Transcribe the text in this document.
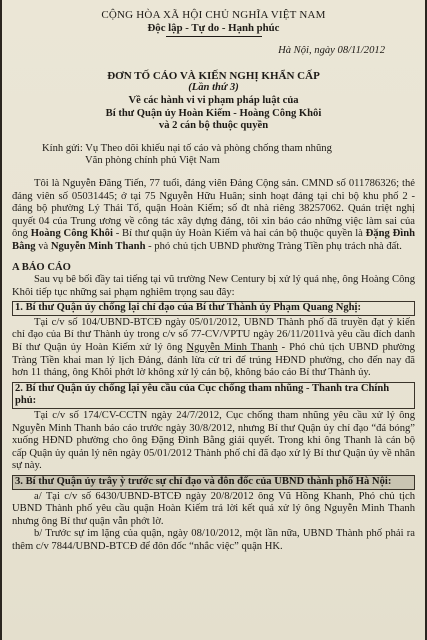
CỘNG HÒA XÃ HỘI CHỦ NGHĨA VIỆT NAM
Độc lập - Tự do - Hạnh phúc
Hà Nội, ngày 08/11/2012
ĐƠN TỐ CÁO VÀ KIẾN NGHỊ KHẨN CẤP
(Lần thứ 3)
Về các hành vi vi phạm pháp luật của
Bí thư Quận ủy Hoàn Kiếm - Hoàng Công Khôi
và 2 cán bộ thuộc quyền
Kính gửi: Vụ Theo dõi khiếu nại tố cáo và phòng chống tham nhũng
Văn phòng chính phủ Việt Nam

Tôi là Nguyễn Đăng Tiến, 77 tuổi, đảng viên Đảng Cộng sản. CMND số 011786326; thẻ đảng viên số 05031445; ở tại 75 Nguyễn Hữu Huân; sinh hoạt đảng tại chi bộ khu phố 2 - đảng bộ phường Lý Thái Tổ, quận Hoàn Kiếm; số đt nhà riêng 38257062. Quán triệt nghị quyết 04 của Trung ương về công tác xây dựng đảng, tôi xin báo cáo những việc làm sai của ông Hoàng Công Khôi - Bí thư quận ủy Hoàn Kiếm và hai cán bộ thuộc quyền là Đặng Đình Bằng và Nguyễn Minh Thanh - phó chủ tịch UBND phường Tràng Tiền phụ trách nhà đất.

A BÁO CÁO

Sau vụ bê bối đầy tai tiếng tại vũ trường New Century bị xử lý quá nhẹ, ông Hoàng Công Khôi tiếp tục những sai phạm nghiêm trọng sau đây:

1. Bí thư Quận ủy chống lại chỉ đạo của Bí thư Thành ủy Phạm Quang Nghị:

Tại c/v số 104/UBND-BTCĐ ngày 05/01/2012, UBND Thành phố đã truyền đạt ý kiến chỉ đạo của Bí thư Thành ủy trong c/v số 77-CV/VPTU ngày 26/11/2011và yêu cầu đích danh Bí thư Quận ủy Hoàn Kiếm xử lý ông Nguyễn Minh Thanh - Phó chủ tịch UBND phường Tràng Tiền khai man lý lịch Đảng, đánh lừa cử tri để trúng HĐND phường, cho đến nay đã hơn 11 tháng, ông Khôi phớt lờ không xử lý cán bộ, không báo cáo Bí thư Thành ủy.

2. Bí thư Quận ủy chống lại yêu cầu của Cục chống tham nhũng - Thanh tra Chính phủ:

Tại c/v số 174/CV-CCTN ngày 24/7/2012, Cục chống tham nhũng yêu cầu xử lý ông Nguyễn Minh Thanh báo cáo trước ngày 30/8/2012, nhưng Bí thư Quận ủy chỉ đạo “đá bóng” xuống HĐND phường cho ông Đặng Đình Bằng giải quyết. Trong khi ông Thanh là cán bộ cấp Quận ủy quản lý nên ngày 05/01/2012 Thành phố chỉ đã đạo xử lý Bí thư Quận ủy về nhân sự này.

3. Bí thư Quận ủy trây ỳ trước sự chỉ đạo và đôn đốc của UBND thành phố Hà Nội:

a/ Tại c/v số 6430/UBND-BTCĐ ngày 20/8/2012 ông Vũ Hồng Khanh, Phó chủ tịch UBND Thành phố yêu cầu quận Hoàn Kiếm trả lời kết quả xử lý ông Nguyễn Minh Thanh nhưng ông Bí thư quận vẫn phớt lờ.

b/ Trước sự im lặng của quận, ngày 08/10/2012, một lần nữa, UBND Thành phố phải ra thêm c/v 7844/UBND-BTCĐ để đôn đốc “nhắc việc” quận HK.
